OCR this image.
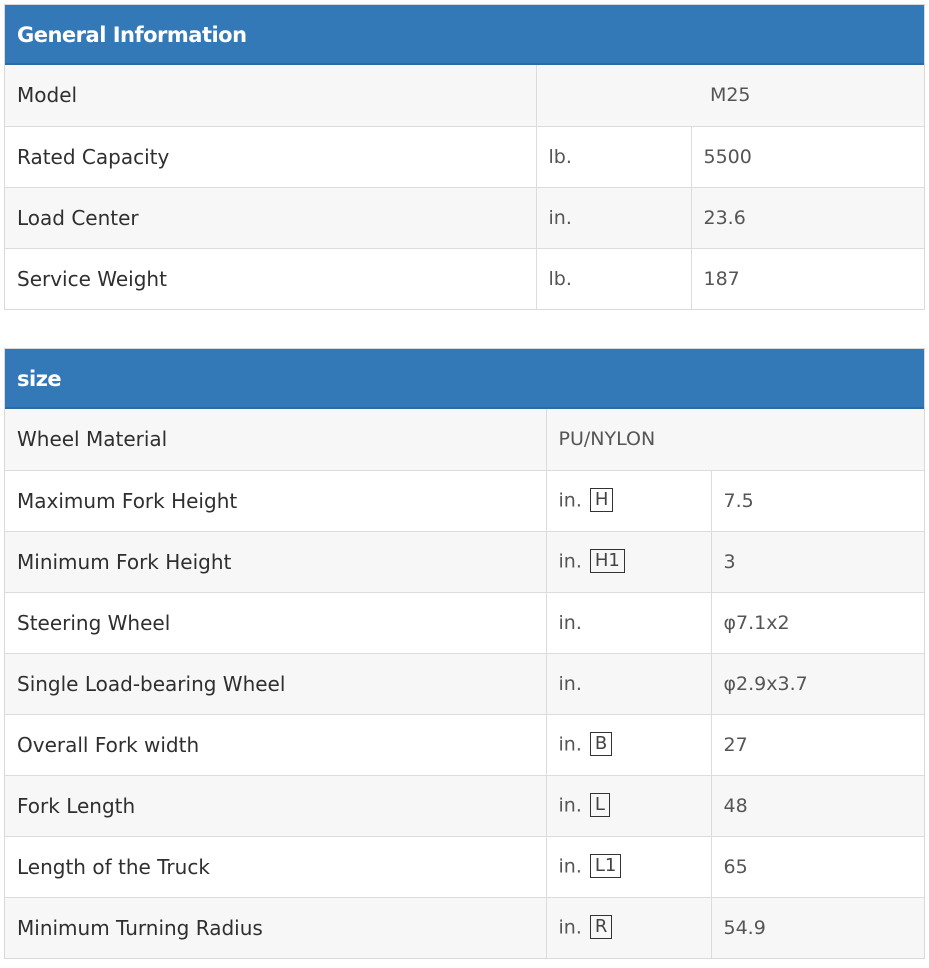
General Information
Model	M25	
Rated Capacity	lb.	5500
Load Center	in.	23.6
Service Weight	lb.	187
size
Wheel Material	PU/NYLON	
Maximum Fork Height	in. H	7.5
Minimum Fork Height	in. H1	3
Steering Wheel	in.	φ7.1x2
Single Load-bearing Wheel	in.	φ2.9x3.7
Overall Fork width	in. B	27
Fork Length	in. L	48
Length of the Truck	in. L1	65
Minimum Turning Radius	in. R	54.9
